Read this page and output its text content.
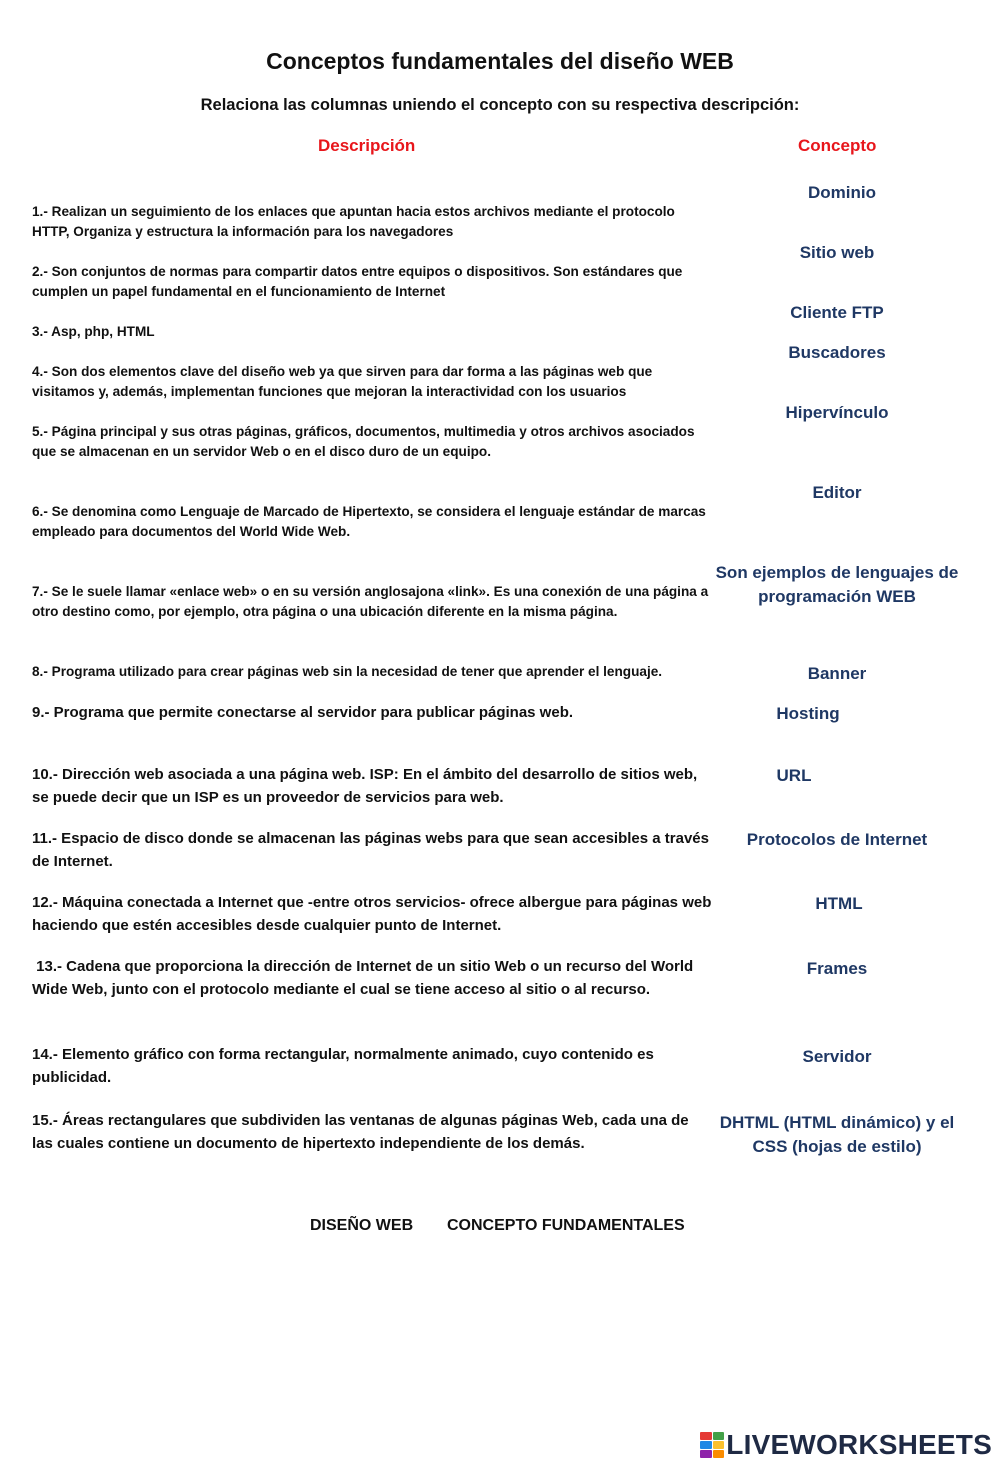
Conceptos fundamentales del diseño WEB
Relaciona las columnas uniendo el concepto con su respectiva descripción:
Descripción	Concepto
1.- Realizan un seguimiento de los enlaces que apuntan hacia estos archivos mediante el protocolo HTTP, Organiza y estructura la información para los navegadores
2.- Son conjuntos de normas para compartir datos entre equipos o dispositivos. Son estándares que cumplen un papel fundamental en el funcionamiento de Internet
3.- Asp, php, HTML
4.- Son dos elementos clave del diseño web ya que sirven para dar forma a las páginas web que visitamos y, además, implementan funciones que mejoran la interactividad con los usuarios
5.- Página principal y sus otras páginas, gráficos, documentos, multimedia y otros archivos asociados que se almacenan en un servidor Web o en el disco duro de un equipo.
6.- Se denomina como Lenguaje de Marcado de Hipertexto, se considera el lenguaje estándar de marcas empleado para documentos del World Wide Web.
7.- Se le suele llamar «enlace web» o en su versión anglosajona «link». Es una conexión de una página a otro destino como, por ejemplo, otra página o una ubicación diferente en la misma página.
8.- Programa utilizado para crear páginas web sin la necesidad de tener que aprender el lenguaje.
9.- Programa que permite conectarse al servidor para publicar páginas web.
10.- Dirección web asociada a una página web. ISP: En el ámbito del desarrollo de sitios web, se puede decir que un ISP es un proveedor de servicios para web.
11.- Espacio de disco donde se almacenan las páginas webs para que sean accesibles a través de Internet.
12.- Máquina conectada a Internet que -entre otros servicios- ofrece albergue para páginas web haciendo que estén accesibles desde cualquier punto de Internet.
13.- Cadena que proporciona la dirección de Internet de un sitio Web o un recurso del World Wide Web, junto con el protocolo mediante el cual se tiene acceso al sitio o al recurso.
14.- Elemento gráfico con forma rectangular, normalmente animado, cuyo contenido es publicidad.
15.- Áreas rectangulares que subdividen las ventanas de algunas páginas Web, cada una de las cuales contiene un documento de hipertexto independiente de los demás.
Dominio
Sitio web
Cliente FTP
Buscadores
Hipervínculo
Editor
Son ejemplos de lenguajes de programación WEB
Banner
Hosting
URL
Protocolos de Internet
HTML
Frames
Servidor
DHTML (HTML dinámico) y el CSS (hojas de estilo)
DISEÑO WEB CONCEPTO FUNDAMENTALES
LIVEWORKSHEETS
